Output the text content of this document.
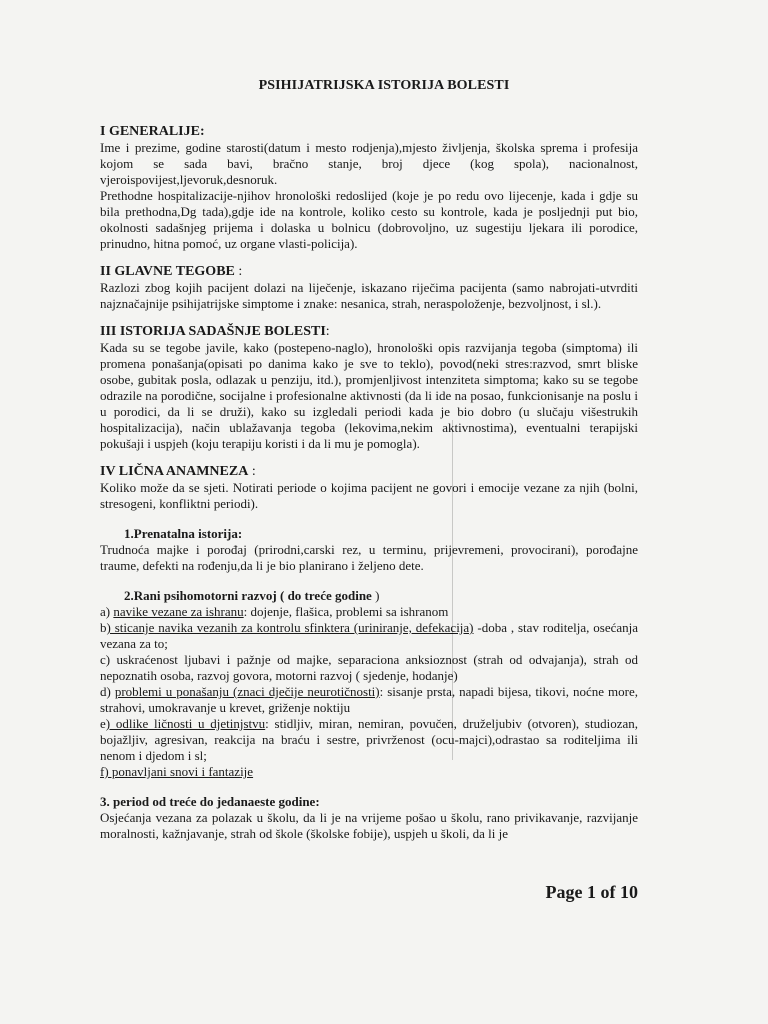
PSIHIJATRIJSKA ISTORIJA BOLESTI
I GENERALIJE:

Ime i prezime, godine starosti(datum i mesto rodjenja),mjesto življenja, školska sprema i profesija kojom se sada bavi, bračno stanje, broj djece (kog spola), nacionalnost, vjeroispovijest,ljevoruk,desnoruk.

Prethodne hospitalizacije-njihov hronološki redoslijed (koje je po redu ovo lijecenje, kada i gdje su bila prethodna,Dg tada),gdje ide na kontrole, koliko cesto su kontrole, kada je posljednji put bio, okolnosti sadašnjeg prijema i dolaska u bolnicu (dobrovoljno, uz sugestiju ljekara ili porodice, prinudno, hitna pomoć, uz organe vlasti-policija).

II GLAVNE TEGOBE :

Razlozi zbog kojih pacijent dolazi na liječenje, iskazano riječima pacijenta (samo nabrojati-utvrditi najznačajnije psihijatrijske simptome i znake: nesanica, strah, neraspoloženje, bezvoljnost, i sl.).

III ISTORIJA SADAŠNJE BOLESTI:

Kada su se tegobe javile, kako (postepeno-naglo), hronološki opis razvijanja tegoba (simptoma) ili promena ponašanja(opisati po danima kako je sve to teklo), povod(neki stres:razvod, smrt bliske osobe, gubitak posla, odlazak u penziju, itd.), promjenljivost intenziteta simptoma; kako su se tegobe odrazile na porodične, socijalne i profesionalne aktivnosti (da li ide na posao, funkcionisanje na poslu i u porodici, da li se druži), kako su izgledali periodi kada je bio dobro (u slučaju višestrukih hospitalizacija), način ublažavanja tegoba (lekovima,nekim aktivnostima), eventualni terapijski pokušaji i uspjeh (koju terapiju koristi i da li mu je pomogla).

IV LIČNA ANAMNEZA :

Koliko može da se sjeti. Notirati periode o kojima pacijent ne govori i emocije vezane za njih (bolni, stresogeni, konfliktni periodi).

1.Prenatalna istorija:

Trudnoća majke i porođaj (prirodni,carski rez, u terminu, prijevremeni, provocirani), porođajne traume, defekti na rođenju,da li je bio planirano i željeno dete.

2.Rani psihomotorni razvoj ( do treće godine )

a) navike vezane za ishranu: dojenje, flašica, problemi sa ishranom

b) sticanje navika vezanih za kontrolu sfinktera (uriniranje, defekacija) -doba , stav roditelja, osećanja vezana za to;

c) uskraćenost ljubavi i pažnje od majke, separaciona anksioznost (strah od odvajanja), strah od nepoznatih osoba, razvoj govora, motorni razvoj ( sjedenje, hodanje)

d) problemi u ponašanju (znaci dječije neurotičnosti): sisanje prsta, napadi bijesa, tikovi, noćne more, strahovi, umokravanje u krevet, griženje noktiju

e) odlike ličnosti u djetinjstvu: stidljiv, miran, nemiran, povučen, druželjubiv (otvoren), studiozan, bojažljiv, agresivan, reakcija na braću i sestre, privrženost (ocu-majci),odrastao sa roditeljima ili nenom i djedom i sl;

f) ponavljani snovi i fantazije

3. period od treće do jedanaeste godine:

Osjećanja vezana za polazak u školu, da li je na vrijeme pošao u školu, rano privikavanje, razvijanje moralnosti, kažnjavanje, strah od škole (školske fobije), uspjeh u školi, da li je

Page 1 of 10
